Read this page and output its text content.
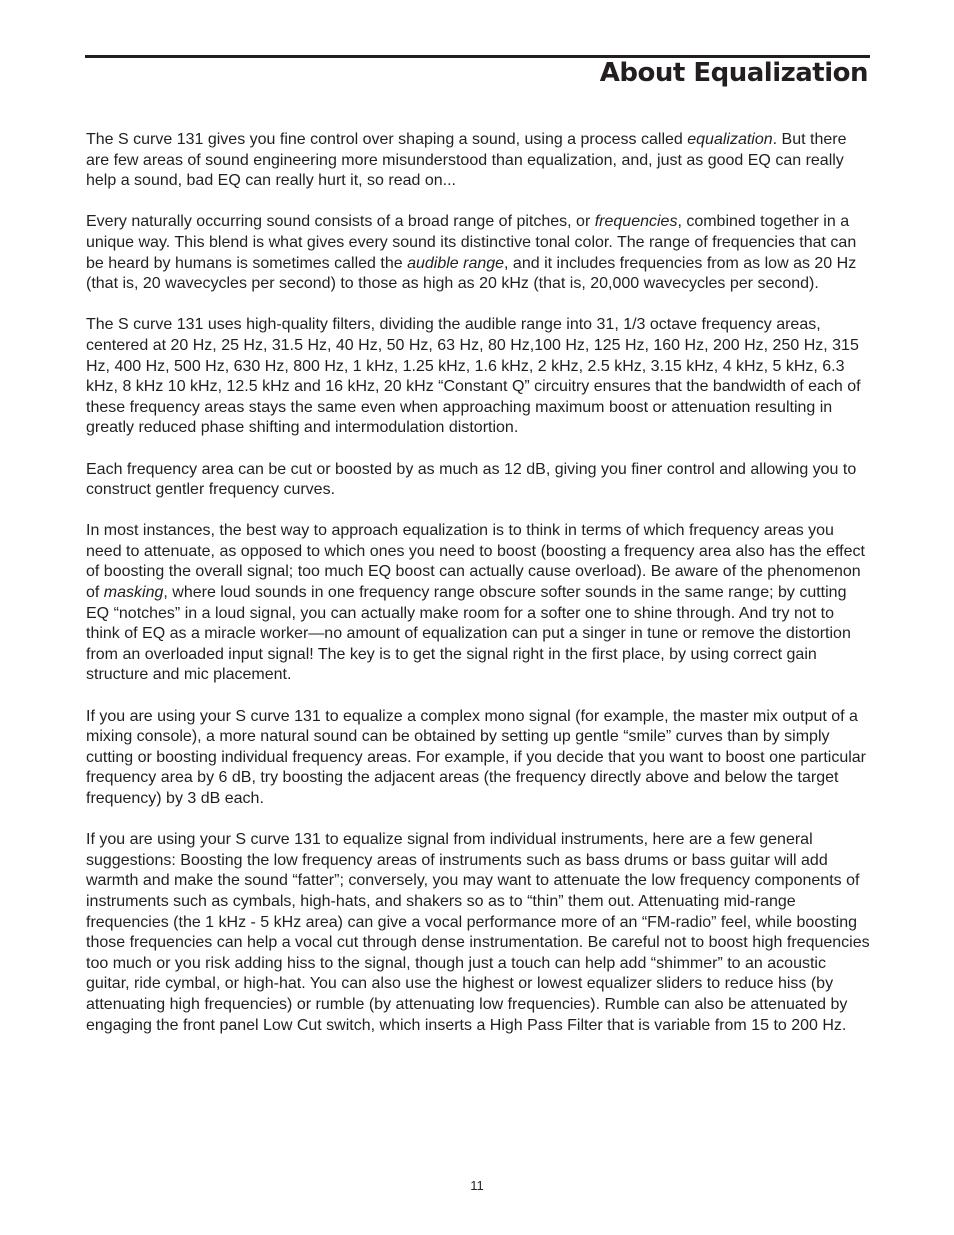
About Equalization

The S curve 131 gives you fine control over shaping a sound, using a process called equalization. But there are few areas of sound engineering more misunderstood than equalization, and, just as good EQ can really help a sound, bad EQ can really hurt it, so read on...

Every naturally occurring sound consists of a broad range of pitches, or frequencies, combined together in a unique way. This blend is what gives every sound its distinctive tonal color. The range of frequencies that can be heard by humans is sometimes called the audible range, and it includes frequencies from as low as 20 Hz (that is, 20 wavecycles per second) to those as high as 20 kHz (that is, 20,000 wavecycles per second).

The S curve 131 uses high-quality filters, dividing the audible range into 31, 1/3 octave frequency areas, centered at 20 Hz, 25 Hz, 31.5 Hz, 40 Hz, 50 Hz, 63 Hz, 80 Hz,100 Hz, 125 Hz, 160 Hz, 200 Hz, 250 Hz, 315 Hz, 400 Hz, 500 Hz, 630 Hz, 800 Hz, 1 kHz, 1.25 kHz, 1.6 kHz, 2 kHz, 2.5 kHz, 3.15 kHz, 4 kHz, 5 kHz, 6.3 kHz, 8 kHz 10 kHz, 12.5 kHz and 16 kHz, 20 kHz “Constant Q” circuitry ensures that the bandwidth of each of these frequency areas stays the same even when approaching maximum boost or attenuation resulting in greatly reduced phase shifting and intermodulation distortion.

Each frequency area can be cut or boosted by as much as 12 dB, giving you finer control and allowing you to construct gentler frequency curves.

In most instances, the best way to approach equalization is to think in terms of which frequency areas you need to attenuate, as opposed to which ones you need to boost (boosting a frequency area also has the effect of boosting the overall signal; too much EQ boost can actually cause overload). Be aware of the phenomenon of masking, where loud sounds in one frequency range obscure softer sounds in the same range; by cutting EQ “notches” in a loud signal, you can actually make room for a softer one to shine through. And try not to think of EQ as a miracle worker—no amount of equalization can put a singer in tune or remove the distortion from an overloaded input signal! The key is to get the signal right in the first place, by using correct gain structure and mic placement.

If you are using your S curve 131 to equalize a complex mono signal (for example, the master mix output of a mixing console), a more natural sound can be obtained by setting up gentle “smile” curves than by simply cutting or boosting individual frequency areas. For example, if you decide that you want to boost one particular frequency area by 6 dB, try boosting the adjacent areas (the frequency directly above and below the target frequency) by 3 dB each.

If you are using your S curve 131 to equalize signal from individual instruments, here are a few general suggestions: Boosting the low frequency areas of instruments such as bass drums or bass guitar will add warmth and make the sound “fatter”; conversely, you may want to attenuate the low frequency components of instruments such as cymbals, high-hats, and shakers so as to “thin” them out. Attenuating mid-range frequencies (the 1 kHz - 5 kHz area) can give a vocal performance more of an “FM-radio” feel, while boosting those frequencies can help a vocal cut through dense instrumentation. Be careful not to boost high frequencies too much or you risk adding hiss to the signal, though just a touch can help add “shimmer” to an acoustic guitar, ride cymbal, or high-hat. You can also use the highest or lowest equalizer sliders to reduce hiss (by attenuating high frequencies) or rumble (by attenuating low frequencies). Rumble can also be attenuated by engaging the front panel Low Cut switch, which inserts a High Pass Filter that is variable from 15 to 200 Hz.

11
